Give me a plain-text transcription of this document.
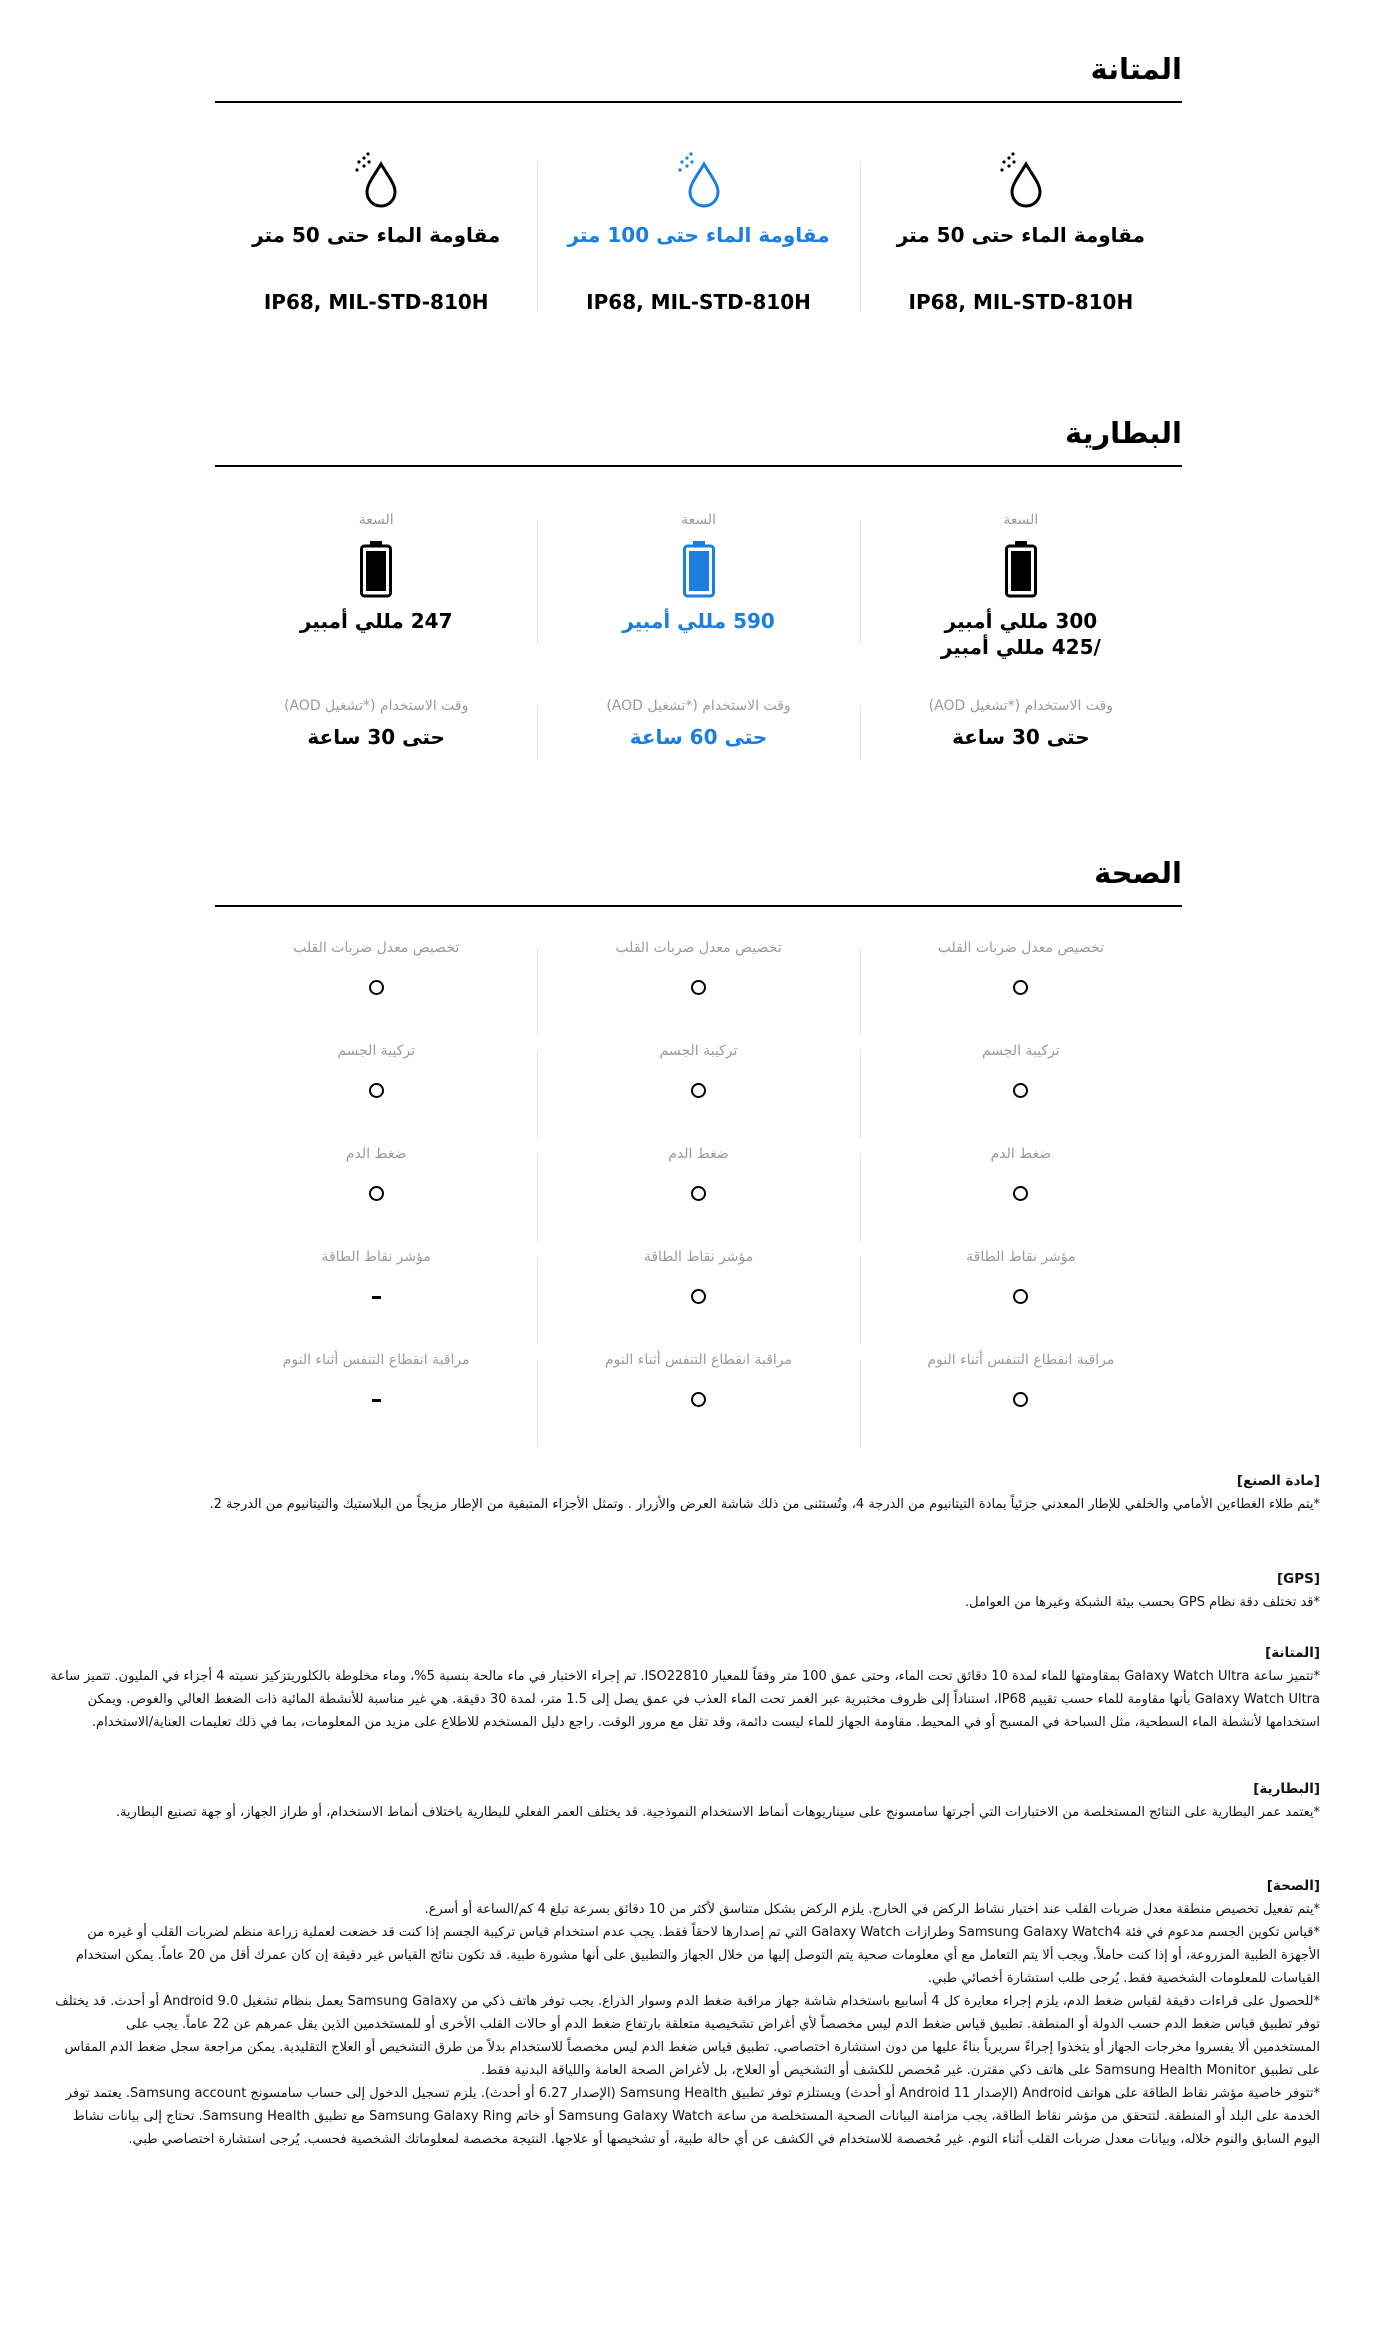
المتانة
مقاومة الماء حتى 50 متر
IP68, MIL-STD-810H
مقاومة الماء حتى 100 متر
IP68, MIL-STD-810H
مقاومة الماء حتى 50 متر
IP68, MIL-STD-810H
البطارية
السعة
300 مللي أمبير
/425 مللي أمبير
السعة
590 مللي أمبير
السعة
247 مللي أمبير
وقت الاستخدام (*تشغيل AOD)
حتى 30 ساعة
وقت الاستخدام (*تشغيل AOD)
حتى 60 ساعة
وقت الاستخدام (*تشغيل AOD)
حتى 30 ساعة
الصحة
تخصيص معدل ضربات القلب
تخصيص معدل ضربات القلب
تخصيص معدل ضربات القلب
تركيبة الجسم
تركيبة الجسم
تركيبة الجسم
ضغط الدم
ضغط الدم
ضغط الدم
مؤشر نقاط الطاقة
مؤشر نقاط الطاقة
مؤشر نقاط الطاقة
مراقبة انقطاع التنفس أثناء النوم
مراقبة انقطاع التنفس أثناء النوم
مراقبة انقطاع التنفس أثناء النوم
[مادة الصنع]
*يتم طلاء الغطاءين الأمامي والخلفي للإطار المعدني جزئياً بمادة التيتانيوم من الدرجة 4، وتُستثنى من ذلك شاشة العرض والأزرار . وتمثل الأجزاء المتبقية من الإطار مزيجاً من البلاستيك والتيتانيوم من الدرجة 2.
[GPS]
*قد تختلف دقة نظام GPS بحسب بيئة الشبكة وغيرها من العوامل.
[المتانة]
*تتميز ساعة Galaxy Watch Ultra بمقاومتها للماء لمدة 10 دقائق تحت الماء، وحتى عمق 100 متر وفقاً للمعيار ISO22810. تم إجراء الاختبار في ماء مالحة بنسبة 5%، وماء مخلوطة بالكلوريتزكيز نسبته 4 أجزاء في المليون. تتميز ساعة
Galaxy Watch Ultra بأنها مقاومة للماء حسب تقييم IP68، استناداً إلى ظروف مختبرية عبر الغمر تحت الماء العذب في عمق يصل إلى 1.5 متر، لمدة 30 دقيقة. هي غير مناسبة للأنشطة المائية ذات الضغط العالي والغوص. ويمكن
استخدامها لأنشطة الماء السطحية، مثل السباحة في المسبح أو في المحيط. مقاومة الجهاز للماء ليست دائمة، وقد تقل مع مرور الوقت. راجع دليل المستخدم للاطلاع على مزيد من المعلومات، بما في ذلك تعليمات العناية/الاستخدام.
[البطارية]
*يعتمد عمر البطارية على النتائج المستخلصة من الاختبارات التي أجرتها سامسونج على سيناريوهات أنماط الاستخدام النموذجية. قد يختلف العمر الفعلي للبطارية باختلاف أنماط الاستخدام، أو طراز الجهاز، أو جهة تصنيع البطارية.
[الصحة]
*يتم تفعيل تخصيص منطقة معدل ضربات القلب عند اختبار نشاط الركض في الخارج. يلزم الركض بشكل متناسق لأكثر من 10 دقائق بسرعة تبلغ 4 كم/الساعة أو أسرع.
*قياس تكوين الجسم مدعوم في فئة Samsung Galaxy Watch4 وطرازات Galaxy Watch التي تم إصدارها لاحقاً فقط. يجب عدم استخدام قياس تركيبة الجسم إذا كنت قد خضعت لعملية زراعة منظم لضربات القلب أو غيره من
الأجهزة الطبية المزروعة، أو إذا كنت حاملاً. ويجب ألا يتم التعامل مع أي معلومات صحية يتم التوصل إليها من خلال الجهاز والتطبيق على أنها مشورة طبية. قد تكون نتائج القياس غير دقيقة إن كان عمرك أقل من 20 عاماً. يمكن استخدام
القياسات للمعلومات الشخصية فقط. يُرجى طلب استشارة أخصائي طبي.
*للحصول على قراءات دقيقة لقياس ضغط الدم، يلزم إجراء معايرة كل 4 أسابيع باستخدام شاشة جهاز مراقبة ضغط الدم وسوار الذراع. يجب توفر هاتف ذكي من Samsung Galaxy يعمل بنظام تشغيل Android 9.0 أو أحدث. قد يختلف
توفر تطبيق قياس ضغط الدم حسب الدولة أو المنطقة. تطبيق قياس ضغط الدم ليس مخصصاً لأي أغراض تشخيصية متعلقة بارتفاع ضغط الدم أو حالات القلب الأخرى أو للمستخدمين الذين يقل عمرهم عن 22 عاماً. يجب على
المستخدمين ألا يفسروا مخرجات الجهاز أو يتخذوا إجراءً سريرياً بناءً عليها من دون استشارة اختصاصي. تطبيق قياس ضغط الدم ليس مخصصاً للاستخدام بدلاً من طرق التشخيص أو العلاج التقليدية. يمكن مراجعة سجل ضغط الدم المقاس
على تطبيق Samsung Health Monitor على هاتف ذكي مقترن. غير مُخصص للكشف أو التشخيص أو العلاج، بل لأغراض الصحة العامة واللياقة البدنية فقط.
*تتوفر خاصية مؤشر نقاط الطاقة على هواتف Android (الإصدار Android 11 أو أحدث) ويستلزم توفر تطبيق Samsung Health (الإصدار 6.27 أو أحدث). يلزم تسجيل الدخول إلى حساب سامسونج Samsung account. يعتمد توفر
الخدمة على البلد أو المنطقة. لتتحقق من مؤشر نقاط الطاقة، يجب مزامنة البيانات الصحية المستخلصة من ساعة Samsung Galaxy Watch أو خاتم Samsung Galaxy Ring مع تطبيق Samsung Health. تحتاج إلى بيانات نشاط
اليوم السابق والنوم خلاله، وبيانات معدل ضربات القلب أثناء النوم. غير مُخصصة للاستخدام في الكشف عن أي حالة طبية، أو تشخيصها أو علاجها. النتيجة مخصصة لمعلوماتك الشخصية فحسب. يُرجى استشارة اختصاصي طبي.
